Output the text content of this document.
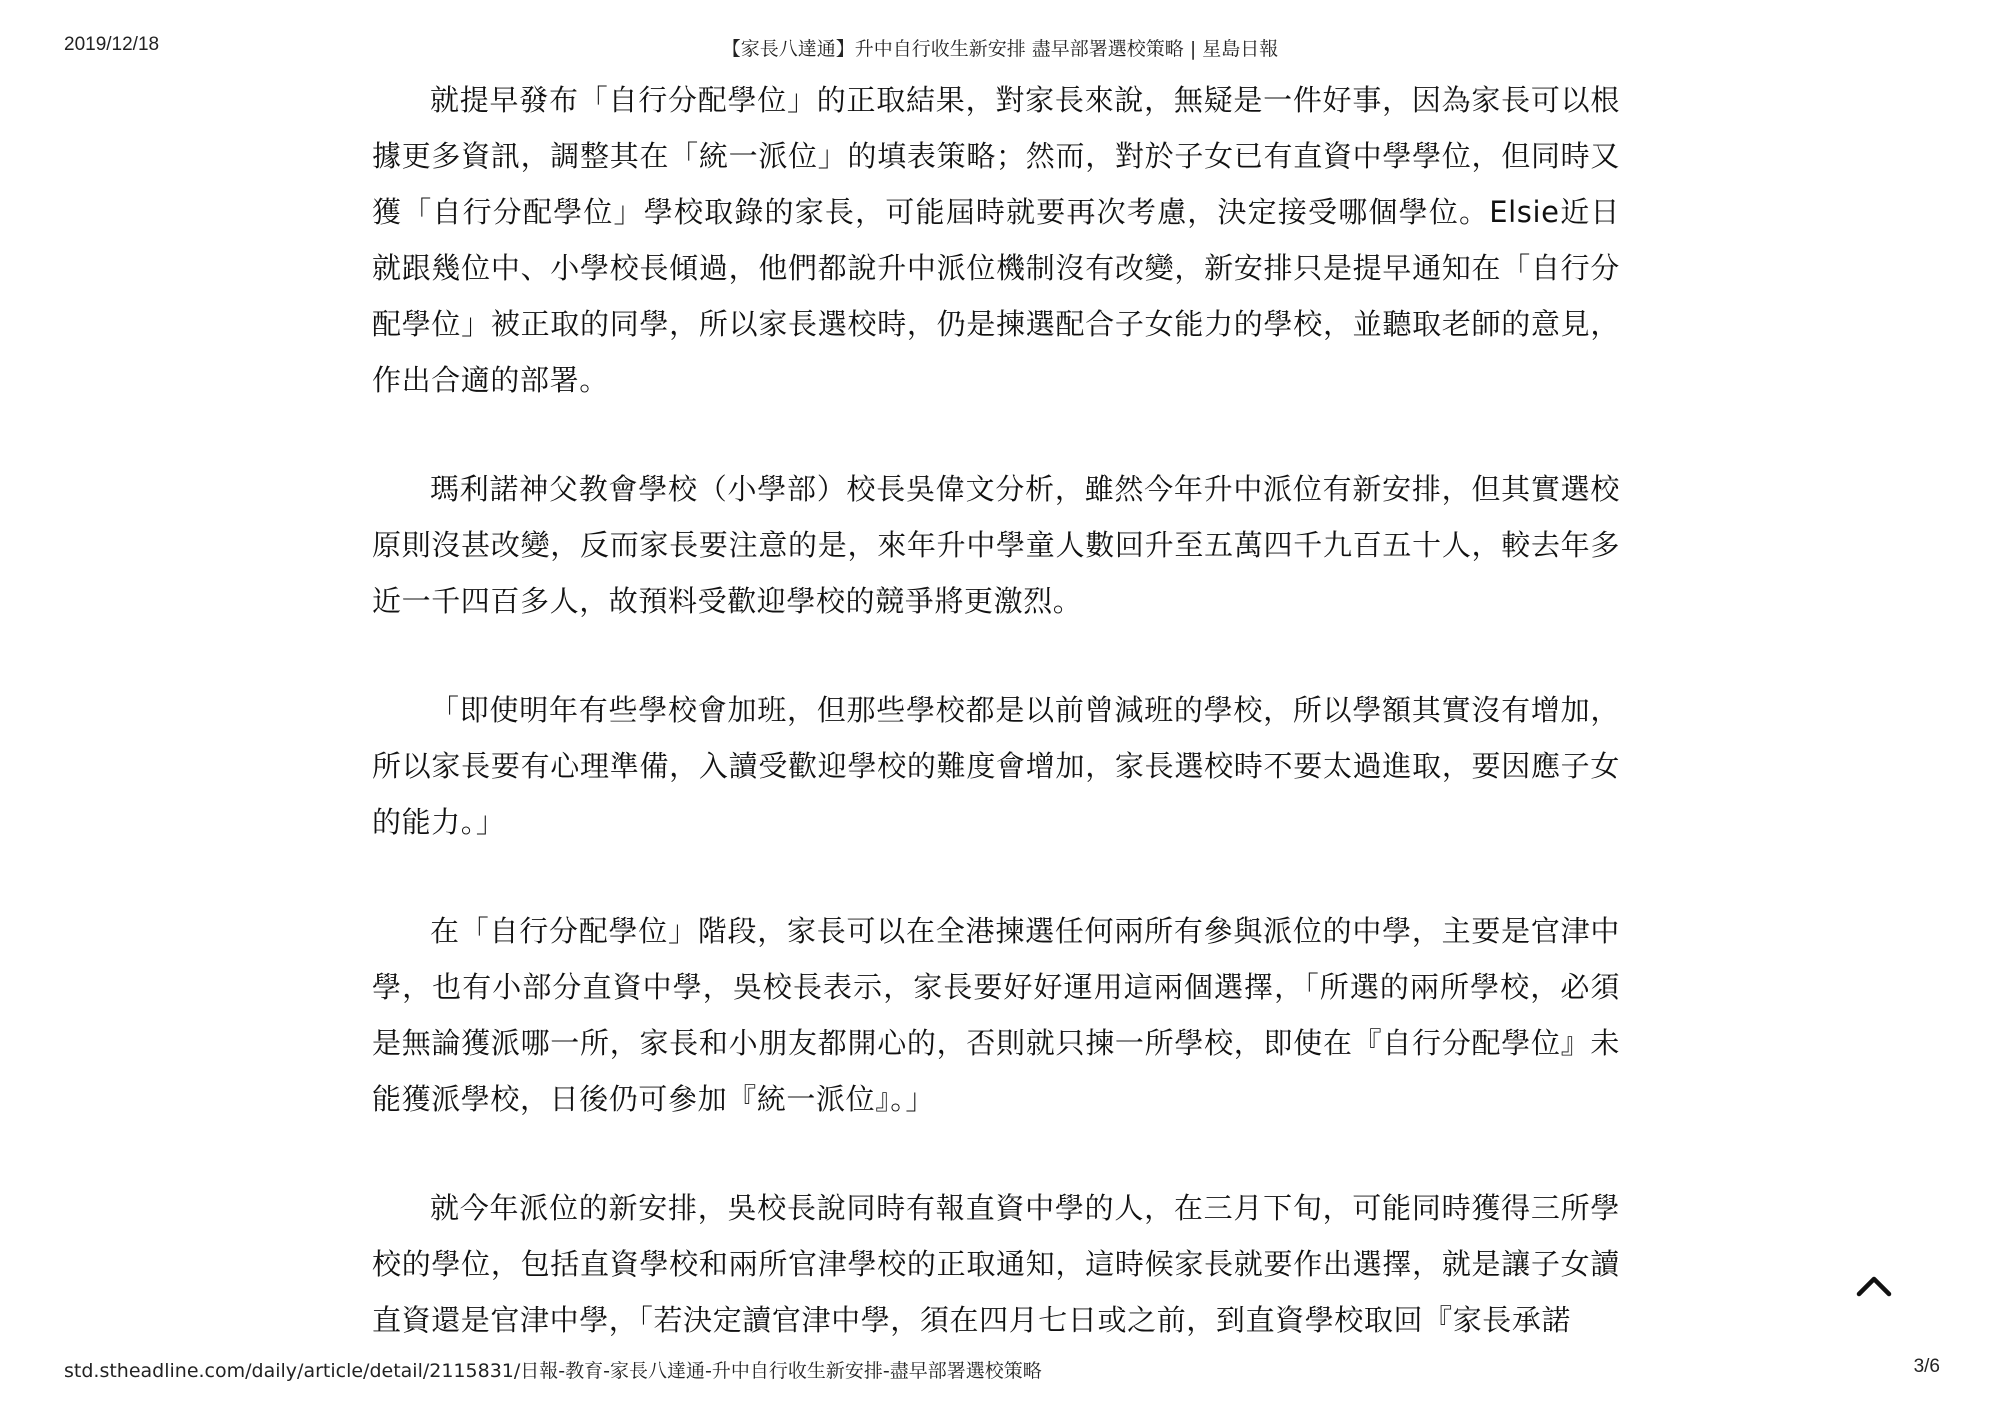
2019/12/18	【家長八達通】升中自行收生新安排 盡早部署選校策略 | 星島日報

就提早發布「自行分配學位」的正取結果，對家長來說，無疑是一件好事，因為家長可以根據更多資訊，調整其在「統一派位」的填表策略；然而，對於子女已有直資中學學位，但同時又獲「自行分配學位」學校取錄的家長，可能屆時就要再次考慮，決定接受哪個學位。Elsie近日就跟幾位中、小學校長傾過，他們都說升中派位機制沒有改變，新安排只是提早通知在「自行分配學位」被正取的同學，所以家長選校時，仍是揀選配合子女能力的學校，並聽取老師的意見，作出合適的部署。

瑪利諾神父教會學校（小學部）校長吳偉文分析，雖然今年升中派位有新安排，但其實選校原則沒甚改變，反而家長要注意的是，來年升中學童人數回升至五萬四千九百五十人，較去年多近一千四百多人，故預料受歡迎學校的競爭將更激烈。

「即使明年有些學校會加班，但那些學校都是以前曾減班的學校，所以學額其實沒有增加，所以家長要有心理準備，入讀受歡迎學校的難度會增加，家長選校時不要太過進取，要因應子女的能力。」

在「自行分配學位」階段，家長可以在全港揀選任何兩所有參與派位的中學，主要是官津中學，也有小部分直資中學，吳校長表示，家長要好好運用這兩個選擇，「所選的兩所學校，必須是無論獲派哪一所，家長和小朋友都開心的，否則就只揀一所學校，即使在『自行分配學位』未能獲派學校，日後仍可參加『統一派位』。」

就今年派位的新安排，吳校長說同時有報直資中學的人，在三月下旬，可能同時獲得三所學校的學位，包括直資學校和兩所官津學校的正取通知，這時候家長就要作出選擇，就是讓子女讀直資還是官津中學，「若決定讀官津中學，須在四月七日或之前，到直資學校取回『家長承諾

std.stheadline.com/daily/article/detail/2115831/日報-教育-家長八達通-升中自行收生新安排-盡早部署選校策略	3/6
